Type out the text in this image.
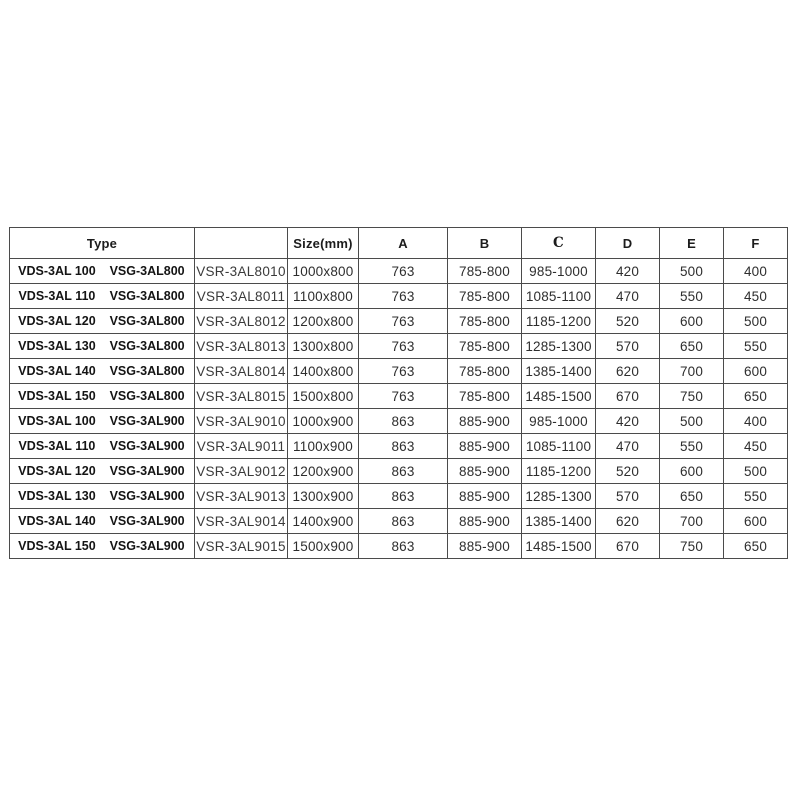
Type		Size(mm)	A	B	C	D	E	F
VDS-3AL 100 VSG-3AL800	VSR-3AL8010	1000x800	763	785-800	985-1000	420	500	400
VDS-3AL 110 VSG-3AL800	VSR-3AL8011	1100x800	763	785-800	1085-1100	470	550	450
VDS-3AL 120 VSG-3AL800	VSR-3AL8012	1200x800	763	785-800	1185-1200	520	600	500
VDS-3AL 130 VSG-3AL800	VSR-3AL8013	1300x800	763	785-800	1285-1300	570	650	550
VDS-3AL 140 VSG-3AL800	VSR-3AL8014	1400x800	763	785-800	1385-1400	620	700	600
VDS-3AL 150 VSG-3AL800	VSR-3AL8015	1500x800	763	785-800	1485-1500	670	750	650
VDS-3AL 100 VSG-3AL900	VSR-3AL9010	1000x900	863	885-900	985-1000	420	500	400
VDS-3AL 110 VSG-3AL900	VSR-3AL9011	1100x900	863	885-900	1085-1100	470	550	450
VDS-3AL 120 VSG-3AL900	VSR-3AL9012	1200x900	863	885-900	1185-1200	520	600	500
VDS-3AL 130 VSG-3AL900	VSR-3AL9013	1300x900	863	885-900	1285-1300	570	650	550
VDS-3AL 140 VSG-3AL900	VSR-3AL9014	1400x900	863	885-900	1385-1400	620	700	600
VDS-3AL 150 VSG-3AL900	VSR-3AL9015	1500x900	863	885-900	1485-1500	670	750	650
